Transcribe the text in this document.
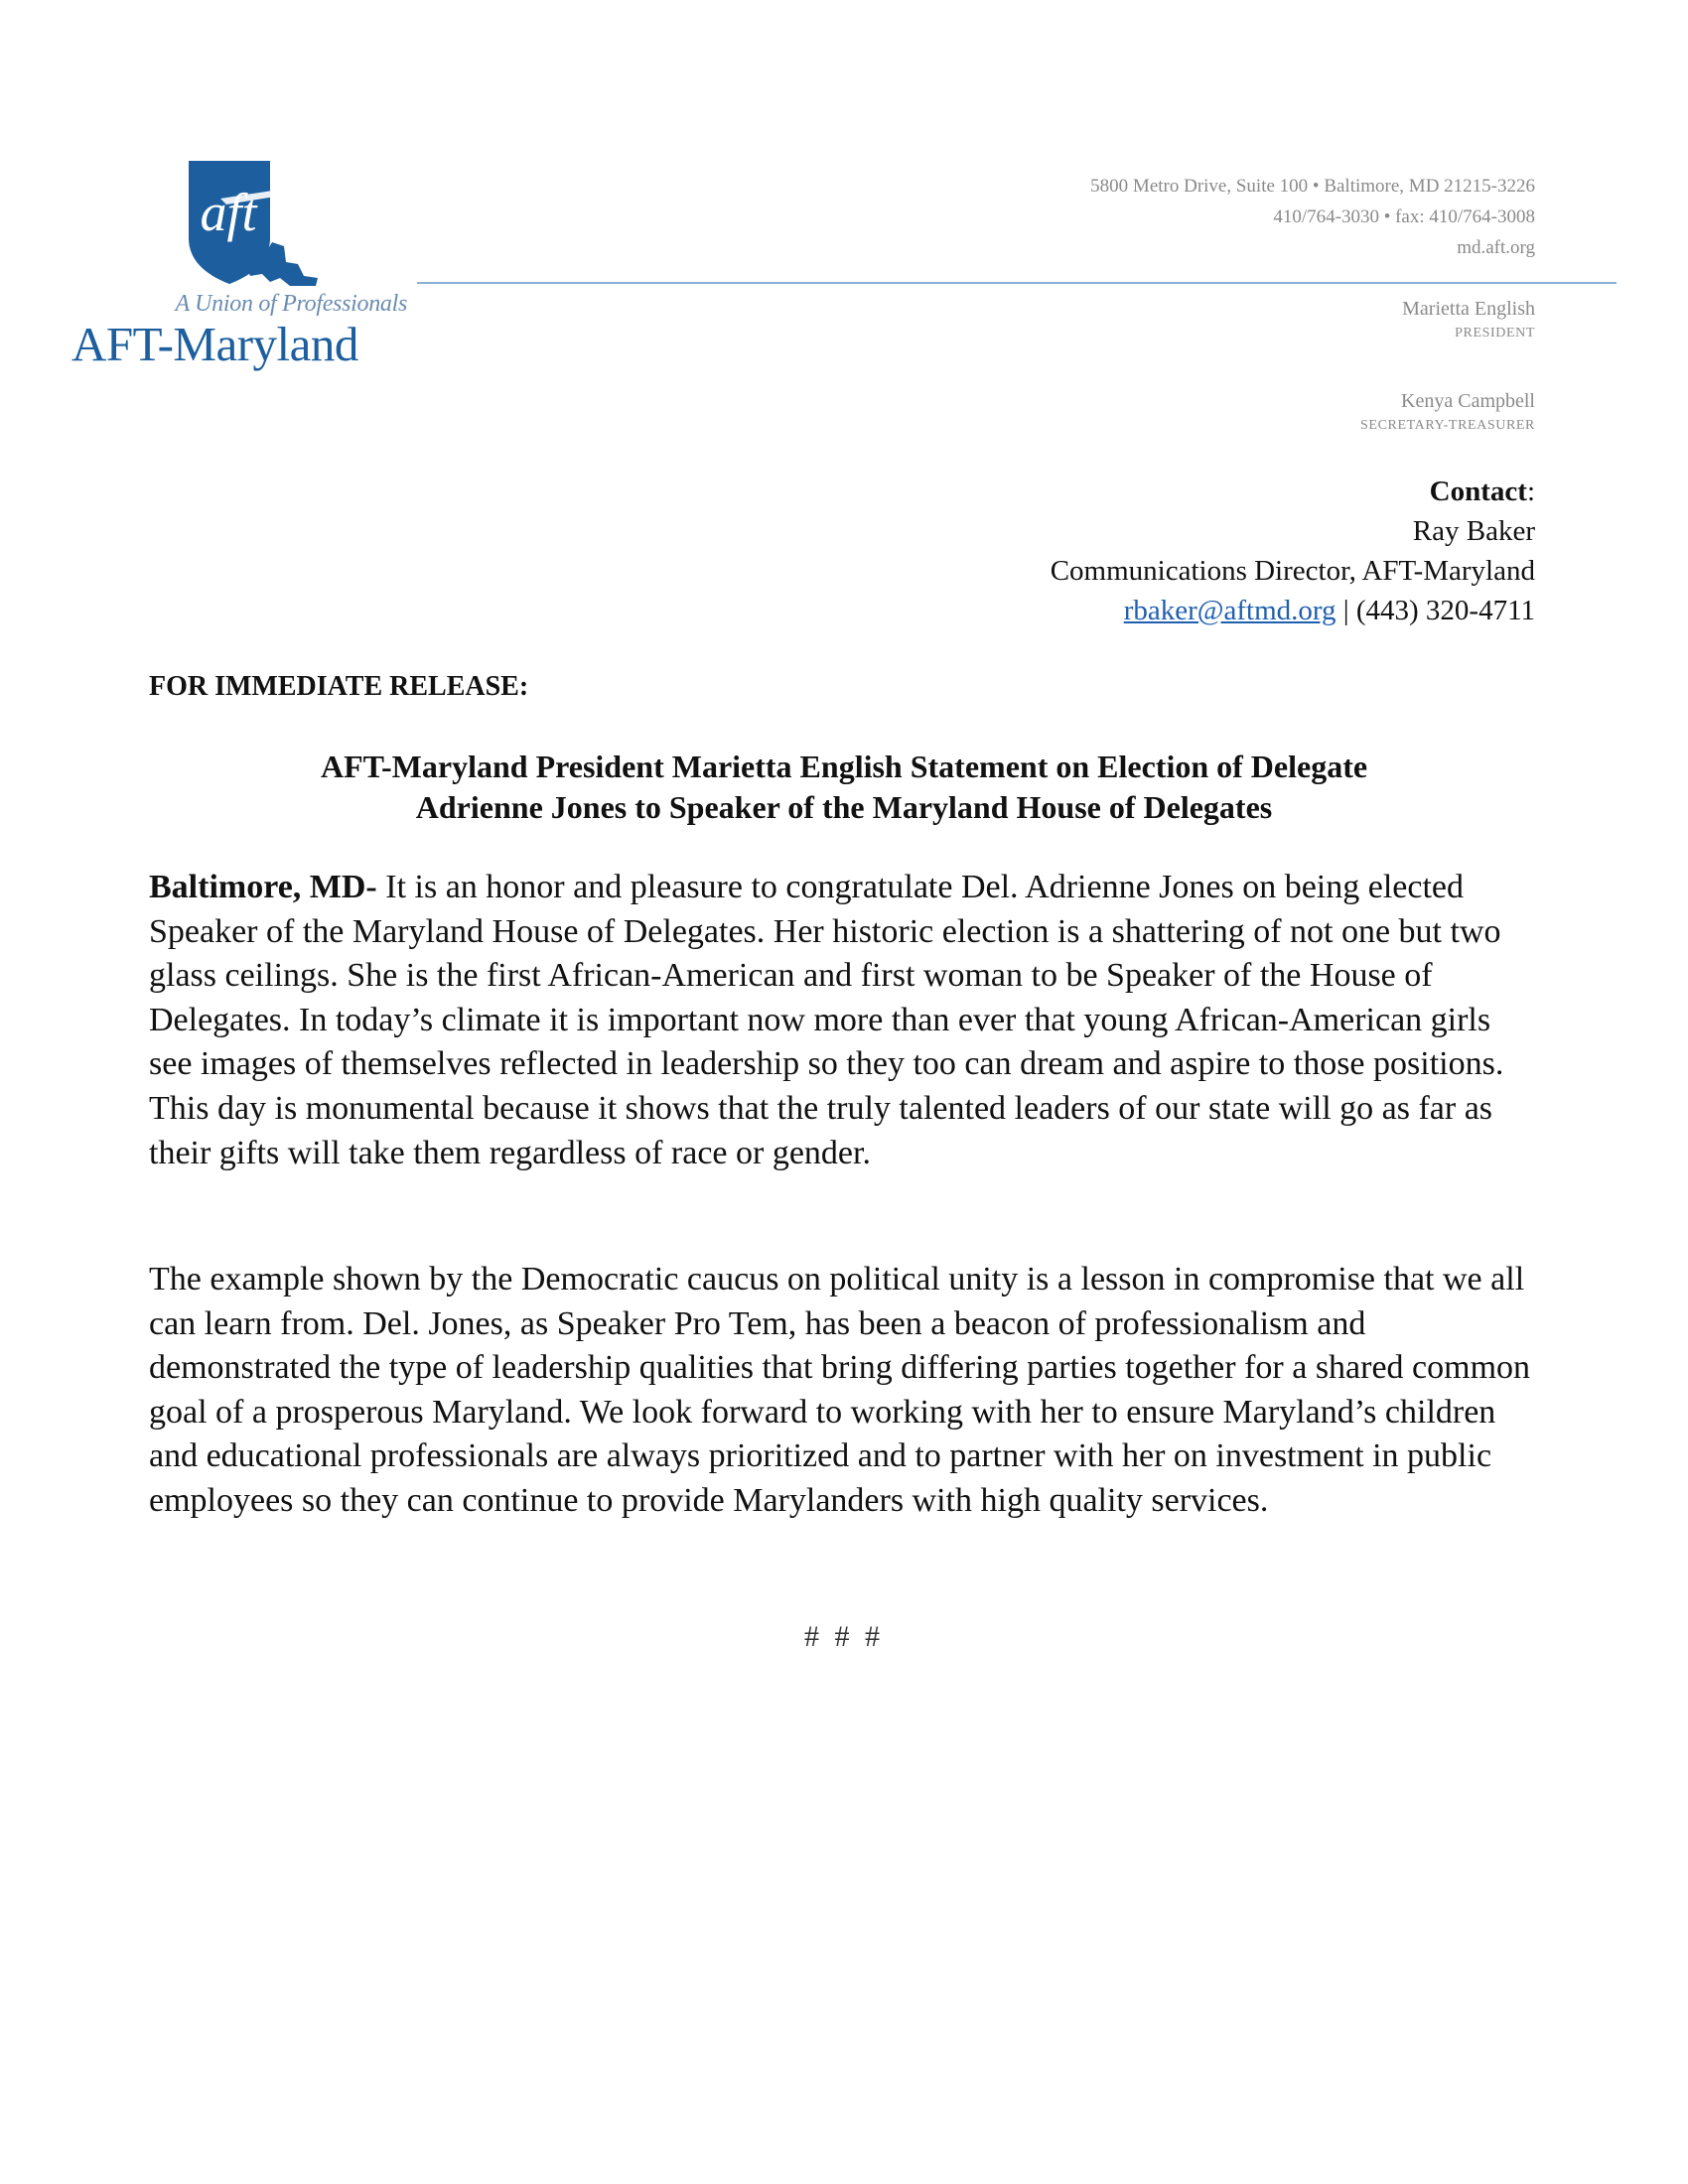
aft
A Union of Professionals
AFT-Maryland
5800 Metro Drive, Suite 100 • Baltimore, MD 21215-3226
410/764-3030 • fax: 410/764-3008
md.aft.org
Marietta English
PRESIDENT
Kenya Campbell
SECRETARY-TREASURER
Contact:
Ray Baker
Communications Director, AFT-Maryland
rbaker@aftmd.org | (443) 320-4711
FOR IMMEDIATE RELEASE:
AFT-Maryland President Marietta English Statement on Election of Delegate
Adrienne Jones to Speaker of the Maryland House of Delegates

Baltimore, MD- It is an honor and pleasure to congratulate Del. Adrienne Jones on being elected Speaker of the Maryland House of Delegates. Her historic election is a shattering of not one but two glass ceilings. She is the first African-American and first woman to be Speaker of the House of Delegates. In today’s climate it is important now more than ever that young African-American girls see images of themselves reflected in leadership so they too can dream and aspire to those positions. This day is monumental because it shows that the truly talented leaders of our state will go as far as their gifts will take them regardless of race or gender.

The example shown by the Democratic caucus on political unity is a lesson in compromise that we all can learn from. Del. Jones, as Speaker Pro Tem, has been a beacon of professionalism and demonstrated the type of leadership qualities that bring differing parties together for a shared common goal of a prosperous Maryland. We look forward to working with her to ensure Maryland’s children and educational professionals are always prioritized and to partner with her on investment in public employees so they can continue to provide Marylanders with high quality services.

# # #
